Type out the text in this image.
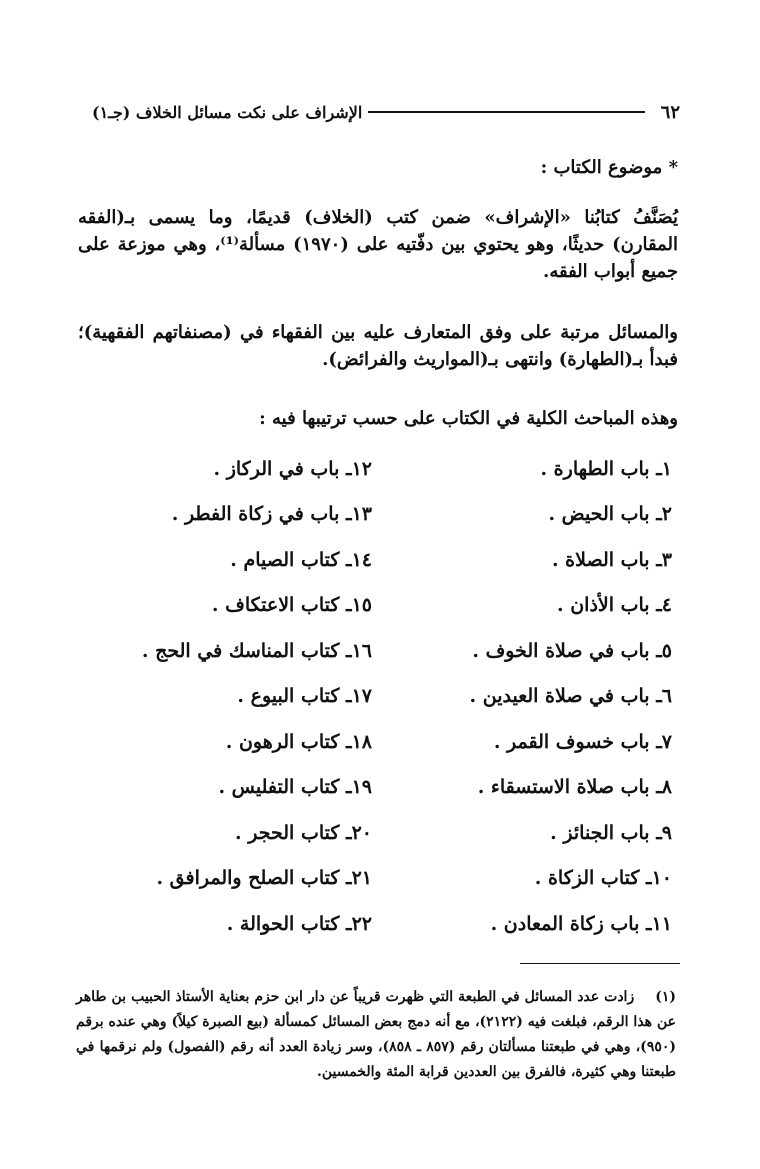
٦٢
الإشراف على نكت مسائل الخلاف (جـ١)
* موضوع الكتاب :
يُصَنَّفُ كتابُنا «الإشراف» ضمن كتب (الخلاف) قديمًا، وما يسمى بـ(الفقه المقارن) حديثًا، وهو يحتوي بين دفّتيه على (١٩٧٠) مسألة⁽¹⁾، وهي موزعة على جميع أبواب الفقه.
والمسائل مرتبة على وفق المتعارف عليه بين الفقهاء في (مصنفاتهم الفقهية)؛ فبدأ بـ(الطهارة) وانتهى بـ(المواريث والفرائض).
وهذه المباحث الكلية في الكتاب على حسب ترتيبها فيه :
١ـ باب الطهارة .
١٢ـ باب في الركاز .
٢ـ باب الحيض .
١٣ـ باب في زكاة الفطر .
٣ـ باب الصلاة .
١٤ـ كتاب الصيام .
٤ـ باب الأذان .
١٥ـ كتاب الاعتكاف .
٥ـ باب في صلاة الخوف .
١٦ـ كتاب المناسك في الحج .
٦ـ باب في صلاة العيدين .
١٧ـ كتاب البيوع .
٧ـ باب خسوف القمر .
١٨ـ كتاب الرهون .
٨ـ باب صلاة الاستسقاء .
١٩ـ كتاب التفليس .
٩ـ باب الجنائز .
٢٠ـ كتاب الحجر .
١٠ـ كتاب الزكاة .
٢١ـ كتاب الصلح والمرافق .
١١ـ باب زكاة المعادن .
٢٢ـ كتاب الحوالة .
(١) زادت عدد المسائل في الطبعة التي ظهرت قريباً عن دار ابن حزم بعناية الأستاذ الحبيب بن طاهر عن هذا الرقم، فبلغت فيه (٢١٢٢)، مع أنه دمج بعض المسائل كمسألة (بيع الصبرة كيلاً) وهي عنده برقم (٩٥٠)، وهي في طبعتنا مسألتان رقم (٨٥٧ ـ ٨٥٨)، وسر زيادة العدد أنه رقم (الفصول) ولم نرقمها في طبعتنا وهي كثيرة، فالفرق بين العددين قرابة المئة والخمسين.
